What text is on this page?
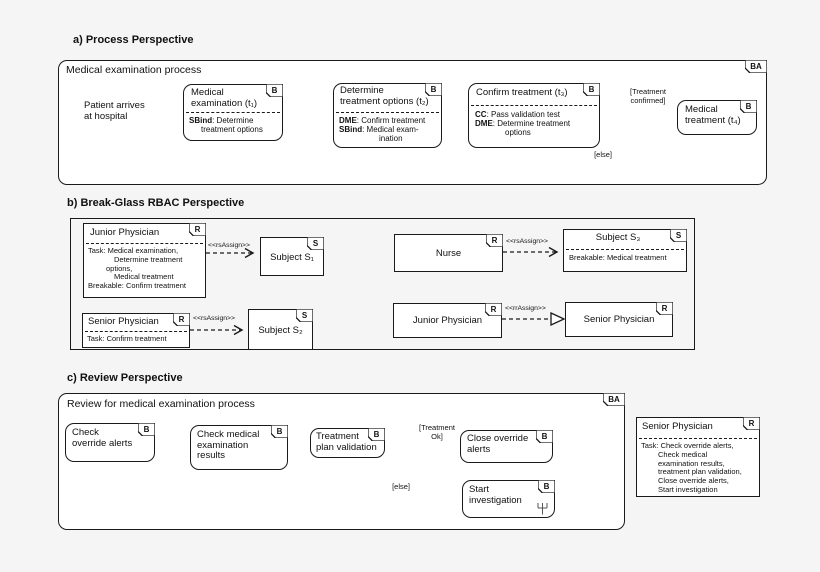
a) Process Perspective
Medical examination process	BA
Patient arrives
at hospital
B
Medical
examination (t₁)
SBind: Determine
treatment options
B
Determine
treatment options (t₂)
DME: Confirm treatment
SBind: Medical exam-
ination
B
Confirm treatment (t₃)
CC: Pass validation test
DME: Determine treatment
options
B
Medical
treatment (t₄)
[Treatment
confirmed]
[else]
b) Break-Glass RBAC Perspective
R
Junior Physician
Task: Medical examination,
Determine treatment
options,
Medical treatment
Breakable: Confirm treatment
S
Subject S₁
R
Nurse
S
Subject S₃
Breakable: Medical treatment
R
Senior Physician
Task: Confirm treatment
S
Subject S₂
R
Junior Physician
R
Senior Physician
<<rsAssign>>
<<rsAssign>>
<<rsAssign>>
<<rrAssign>>
c) Review Perspective
Review for medical examination process	BA
B
Check
override alerts
B
Check medical
examination
results
B
Treatment
plan validation
B
Close override
alerts
B
Start
investigation
[Treatment
Ok]
[else]
R
Senior Physician
Task: Check override alerts,
Check medical
examination results,
treatment plan validation,
Close override alerts,
Start investigation
